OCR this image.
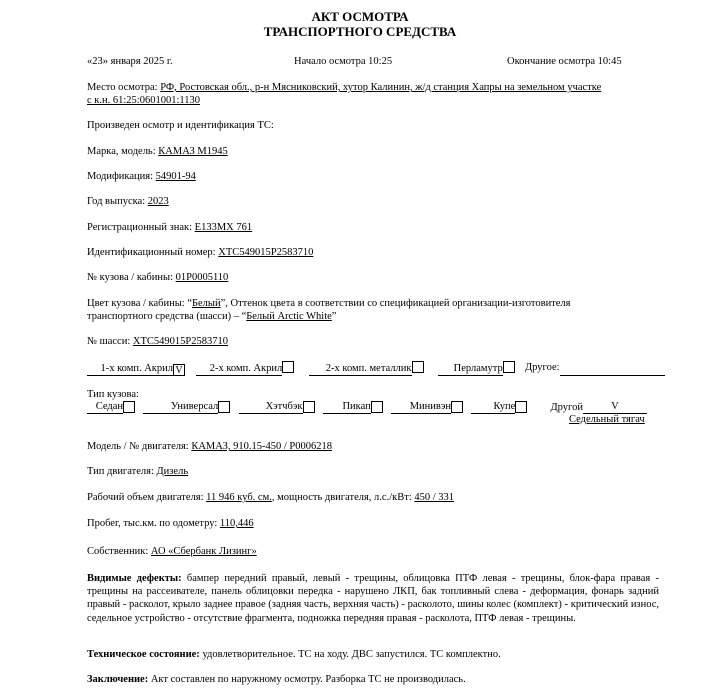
АКТ ОСМОТРА
ТРАНСПОРТНОГО СРЕДСТВА
«23» января 2025 г.	Начало осмотра 10:25	Окончание осмотра 10:45
Место осмотра: РФ, Ростовская обл., р-н Мясниковский, хутор Калинин, ж/д станция Хапры на земельном участке
с к.н. 61:25:0601001:1130
Произведен осмотр и идентификация ТС:
Марка, модель: КАМАЗ М1945
Модификация: 54901-94
Год выпуска: 2023
Регистрационный знак: Е133МХ 761
Идентификационный номер: ХТС549015Р2583710
№ кузова / кабины: 01Р0005110
Цвет кузова / кабины: “Белый”, Оттенок цвета в соответствии со спецификацией организации-изготовителя
транспортного средства (шасси) – “Белый Arctic White”
№ шасси: ХТС549015Р2583710
1-х комп. Акрил V	2-х комп. Акрил	2-х комп. металлик	Перламутр Другое:
Тип кузова:
Седан	Универсал	Хэтчбэк	Пикап	Минивэн	Купе	Другой	V
Седельный тягач
Модель / № двигателя: КАМАЗ, 910.15-450 / Р0006218
Тип двигателя: Дизель
Рабочий объем двигателя: 11 946 куб. см., мощность двигателя, л.с./кВт: 450 / 331
Пробег, тыс.км. по одометру: 110,446
Собственник: АО «Сбербанк Лизинг»
Видимые дефекты: бампер передний правый, левый - трещины, облицовка ПТФ левая - трещины, блок-фара правая - трещины на рассеивателе, панель облицовки передка - нарушено ЛКП, бак топливный слева - деформация, фонарь задний правый - расколот, крыло заднее правое (задняя часть, верхняя часть) - расколото, шины колес (комплект) - критический износ, седельное устройство - отсутствие фрагмента, подножка передняя правая - расколота, ПТФ левая - трещины.
Техническое состояние: удовлетворительное. ТС на ходу. ДВС запустился. ТС комплектно.
Заключение: Акт составлен по наружному осмотру. Разборка ТС не производилась.
